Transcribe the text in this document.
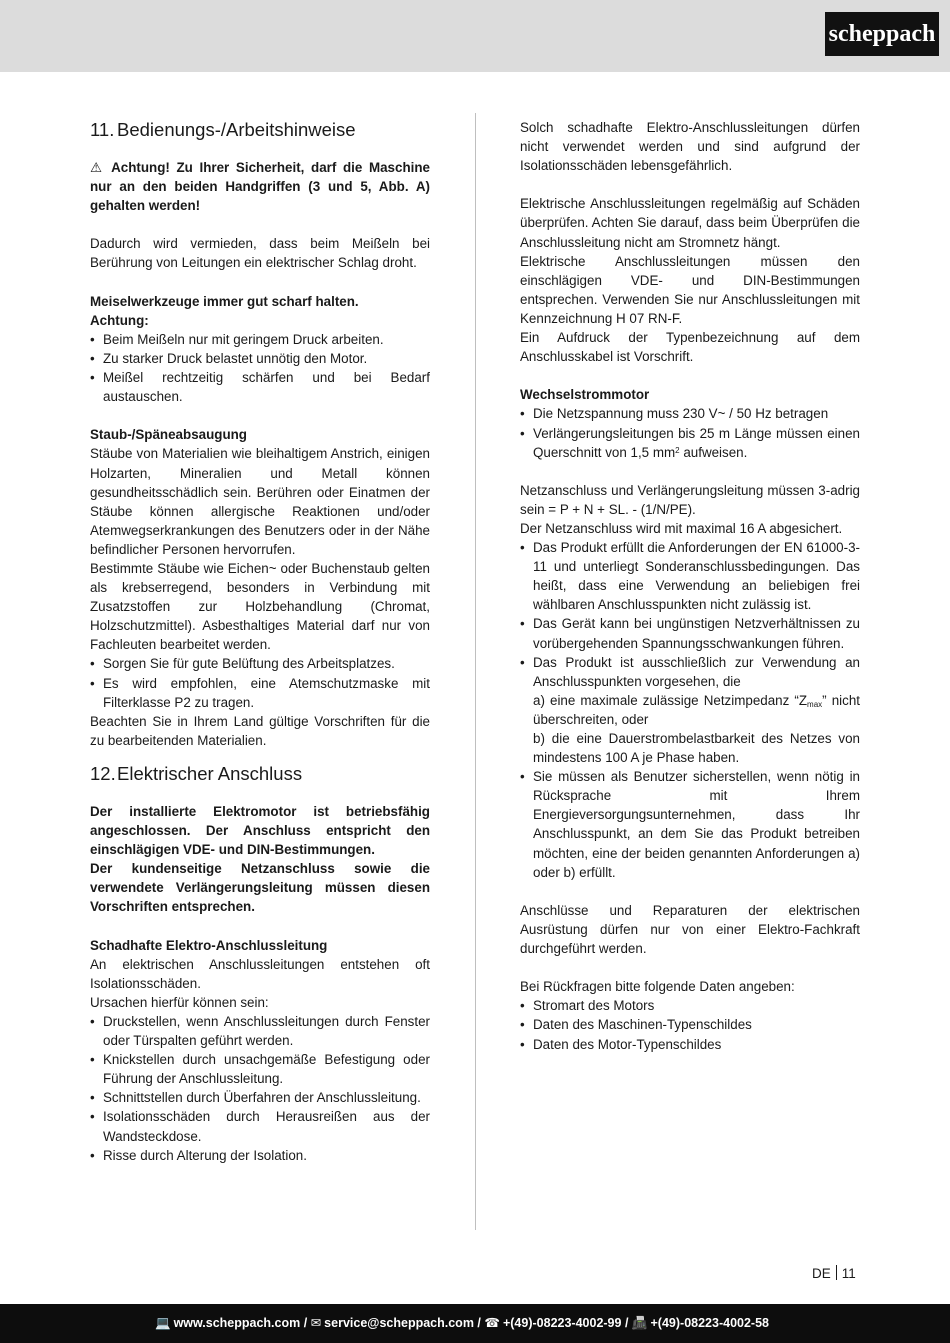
scheppach
11. Bedienungs-/Arbeitshinweise

⚠ Achtung! Zu Ihrer Sicherheit, darf die Maschine nur an den beiden Handgriffen (3 und 5, Abb. A) gehalten werden!

Dadurch wird vermieden, dass beim Meißeln bei Berührung von Leitungen ein elektrischer Schlag droht.

Meiselwerkzeuge immer gut scharf halten.

Achtung:

• Beim Meißeln nur mit geringem Druck arbeiten.
• Zu starker Druck belastet unnötig den Motor.
• Meißel rechtzeitig schärfen und bei Bedarf austauschen.

Staub-/Späneabsaugung

Stäube von Materialien wie bleihaltigem Anstrich, einigen Holzarten, Mineralien und Metall können gesundheitsschädlich sein. Berühren oder Einatmen der Stäube können allergische Reaktionen und/oder Atemwegserkrankungen des Benutzers oder in der Nähe befindlicher Personen hervorrufen.

Bestimmte Stäube wie Eichen~ oder Buchenstaub gelten als krebserregend, besonders in Verbindung mit Zusatzstoffen zur Holzbehandlung (Chromat, Holzschutzmittel). Asbesthaltiges Material darf nur von Fachleuten bearbeitet werden.

• Sorgen Sie für gute Belüftung des Arbeitsplatzes.
• Es wird empfohlen, eine Atemschutzmaske mit Filterklasse P2 zu tragen.

Beachten Sie in Ihrem Land gültige Vorschriften für die zu bearbeitenden Materialien.

12.Elektrischer Anschluss

Der installierte Elektromotor ist betriebsfähig angeschlossen. Der Anschluss entspricht den einschlägigen VDE- und DIN-Bestimmungen.

Der kundenseitige Netzanschluss sowie die verwendete Verlängerungsleitung müssen diesen Vorschriften entsprechen.

Schadhafte Elektro-Anschlussleitung

An elektrischen Anschlussleitungen entstehen oft Isolationsschäden.

Ursachen hierfür können sein:

• Druckstellen, wenn Anschlussleitungen durch Fenster oder Türspalten geführt werden.
• Knickstellen durch unsachgemäße Befestigung oder Führung der Anschlussleitung.
• Schnittstellen durch Überfahren der Anschlussleitung.
• Isolationsschäden durch Herausreißen aus der Wandsteckdose.
• Risse durch Alterung der Isolation.

Solch schadhafte Elektro-Anschlussleitungen dürfen nicht verwendet werden und sind aufgrund der Isolationsschäden lebensgefährlich.

Elektrische Anschlussleitungen regelmäßig auf Schäden überprüfen. Achten Sie darauf, dass beim Überprüfen die Anschlussleitung nicht am Stromnetz hängt.

Elektrische Anschlussleitungen müssen den einschlägigen VDE- und DIN-Bestimmungen entsprechen. Verwenden Sie nur Anschlussleitungen mit Kennzeichnung H 07 RN-F.

Ein Aufdruck der Typenbezeichnung auf dem Anschlusskabel ist Vorschrift.

Wechselstrommotor

• Die Netzspannung muss 230 V~ / 50 Hz betragen
• Verlängerungsleitungen bis 25 m Länge müssen einen Querschnitt von 1,5 $mm^2$ aufweisen.

Netzanschluss und Verlängerungsleitung müssen 3-adrig sein = P + N + SL. - (1/N/PE).

Der Netzanschluss wird mit maximal 16 A abgesichert.

• Das Produkt erfüllt die Anforderungen der EN 61000-3-11 und unterliegt Sonderanschlussbedingungen. Das heißt, dass eine Verwendung an beliebigen frei wählbaren Anschlusspunkten nicht zulässig ist.
• Das Gerät kann bei ungünstigen Netzverhältnissen zu vorübergehenden Spannungsschwankungen führen.
• Das Produkt ist ausschließlich zur Verwendung an Anschlusspunkten vorgesehen, die
a) eine maximale zulässige Netzimpedanz “$Z_{max}$” nicht überschreiten, oder
b) die eine Dauerstrombelastbarkeit des Netzes von mindestens 100 A je Phase haben.
• Sie müssen als Benutzer sicherstellen, wenn nötig in Rücksprache mit Ihrem Energieversorgungsunternehmen, dass Ihr Anschlusspunkt, an dem Sie das Produkt betreiben möchten, eine der beiden genannten Anforderungen a) oder b) erfüllt.

Anschlüsse und Reparaturen der elektrischen Ausrüstung dürfen nur von einer Elektro-Fachkraft durchgeführt werden.

Bei Rückfragen bitte folgende Daten angeben:

• Stromart des Motors
• Daten des Maschinen-Typenschildes
• Daten des Motor-Typenschildes
DE 11
💻 www.scheppach.com / ✉ service@scheppach.com / ☎ +(49)-08223-4002-99 / 📠 +(49)-08223-4002-58
